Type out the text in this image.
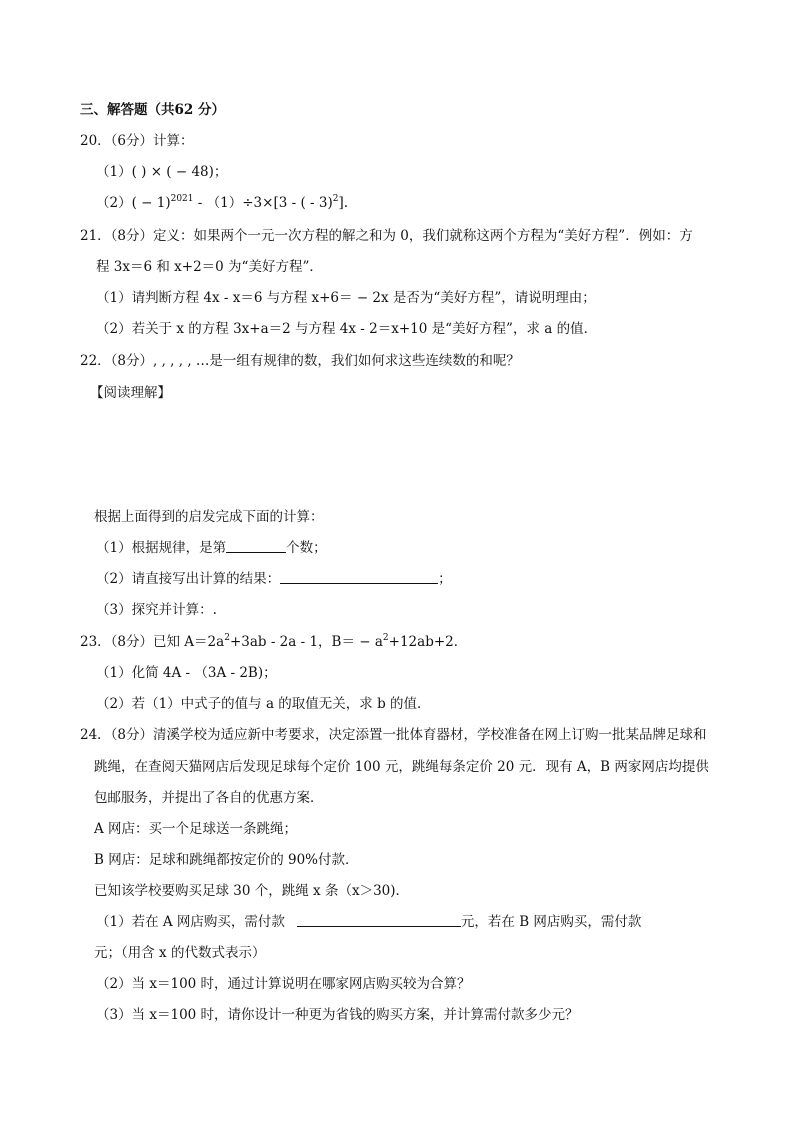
三、解答题（共62 分）
20．（6分）计算：
（1）( ) × ( − 48)；
$(2)( - 1)^{2021} - (1)\div 3\times[3$ - ( - 3)$^2$].
21．（8分）定义：如果两个一元一次方程的解之和为 0，我们就称这两个方程为“美好方程”．例如：方
程 3x＝6 和 x+2＝0 为“美好方程”．
（1）请判断方程 4x - x＝6 与方程 x+6＝ − 2x 是否为“美好方程”，请说明理由；
（2）若关于 x 的方程 3x+a＝2 与方程 4x - 2＝x+10 是“美好方程”，求 a 的值．
22．（8分）, , , , , …是一组有规律的数，我们如何求这些连续数的和呢？
【阅读理解】
根据上面得到的启发完成下面的计算：
（1）根据规律，是第	个数；
（2）请直接写出计算的结果：	；
（3）探究并计算：.
23．（8分）已知 $A=2a^2+3ab - 2a - 1$，$B= - a^2+12ab+2$．
（1）化简 4A - （3A - 2B)；
（2）若（1）中式子的值与 a 的取值无关，求 b 的值．
24．（8分）清溪学校为适应新中考要求，决定添置一批体育器材，学校准备在网上订购一批某品牌足球和
跳绳，在查阅天猫网店后发现足球每个定价 100 元，跳绳每条定价 20 元．现有 A，B 两家网店均提供
包邮服务，并提出了各自的优惠方案．
A 网店：买一个足球送一条跳绳；
B 网店：足球和跳绳都按定价的 90%付款．
已知该学校要购买足球 30 个，跳绳 x 条（x＞30)．
（1）若在 A 网店购买，需付款	元，若在 B 网店购买，需付款
元；（用含 x 的代数式表示）
（2）当 x＝100 时，通过计算说明在哪家网店购买较为合算？
（3）当 x＝100 时，请你设计一种更为省钱的购买方案，并计算需付款多少元？
